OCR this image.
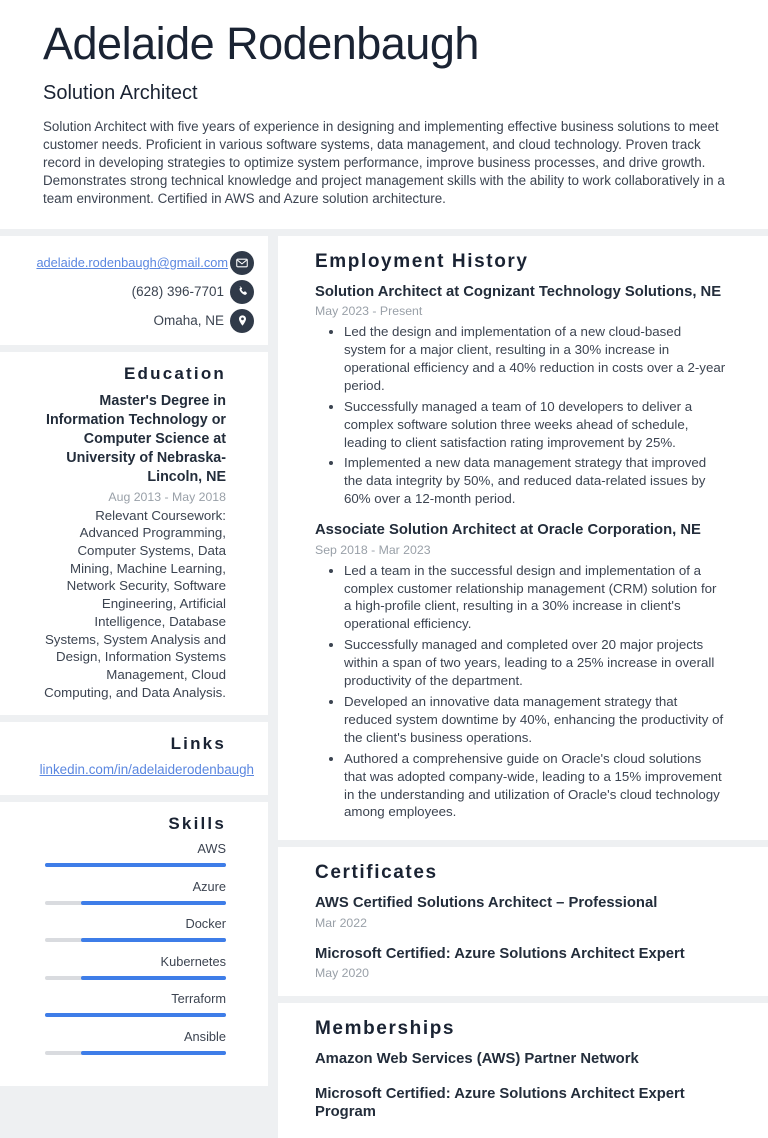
Adelaide Rodenbaugh
Solution Architect

Solution Architect with five years of experience in designing and implementing effective business solutions to meet customer needs. Proficient in various software systems, data management, and cloud technology. Proven track record in developing strategies to optimize system performance, improve business processes, and drive growth. Demonstrates strong technical knowledge and project management skills with the ability to work collaboratively in a team environment. Certified in AWS and Azure solution architecture.

adelaide.rodenbaugh@gmail.com
(628) 396-7701
Omaha, NE
Education
Master's Degree in Information Technology or Computer Science at University of Nebraska-Lincoln, NE
Aug 2013 - May 2018

Relevant Coursework: Advanced Programming, Computer Systems, Data Mining, Machine Learning, Network Security, Software Engineering, Artificial Intelligence, Database Systems, System Analysis and Design, Information Systems Management, Cloud Computing, and Data Analysis.

Links
linkedin.com/in/adelaiderodenbaugh
Skills
AWS
Azure
Docker
Kubernetes
Terraform
Ansible
Employment History
Solution Architect at Cognizant Technology Solutions, NE
May 2023 - Present
• Led the design and implementation of a new cloud-based system for a major client, resulting in a 30% increase in operational efficiency and a 40% reduction in costs over a 2-year period.
• Successfully managed a team of 10 developers to deliver a complex software solution three weeks ahead of schedule, leading to client satisfaction rating improvement by 25%.
• Implemented a new data management strategy that improved the data integrity by 50%, and reduced data-related issues by 60% over a 12-month period.
Associate Solution Architect at Oracle Corporation, NE
Sep 2018 - Mar 2023
• Led a team in the successful design and implementation of a complex customer relationship management (CRM) solution for a high-profile client, resulting in a 30% increase in client's operational efficiency.
• Successfully managed and completed over 20 major projects within a span of two years, leading to a 25% increase in overall productivity of the department.
• Developed an innovative data management strategy that reduced system downtime by 40%, enhancing the productivity of the client's business operations.
• Authored a comprehensive guide on Oracle's cloud solutions that was adopted company-wide, leading to a 15% improvement in the understanding and utilization of Oracle's cloud technology among employees.
Certificates
AWS Certified Solutions Architect – Professional
Mar 2022
Microsoft Certified: Azure Solutions Architect Expert
May 2020
Memberships
Amazon Web Services (AWS) Partner Network
Microsoft Certified: Azure Solutions Architect Expert Program
